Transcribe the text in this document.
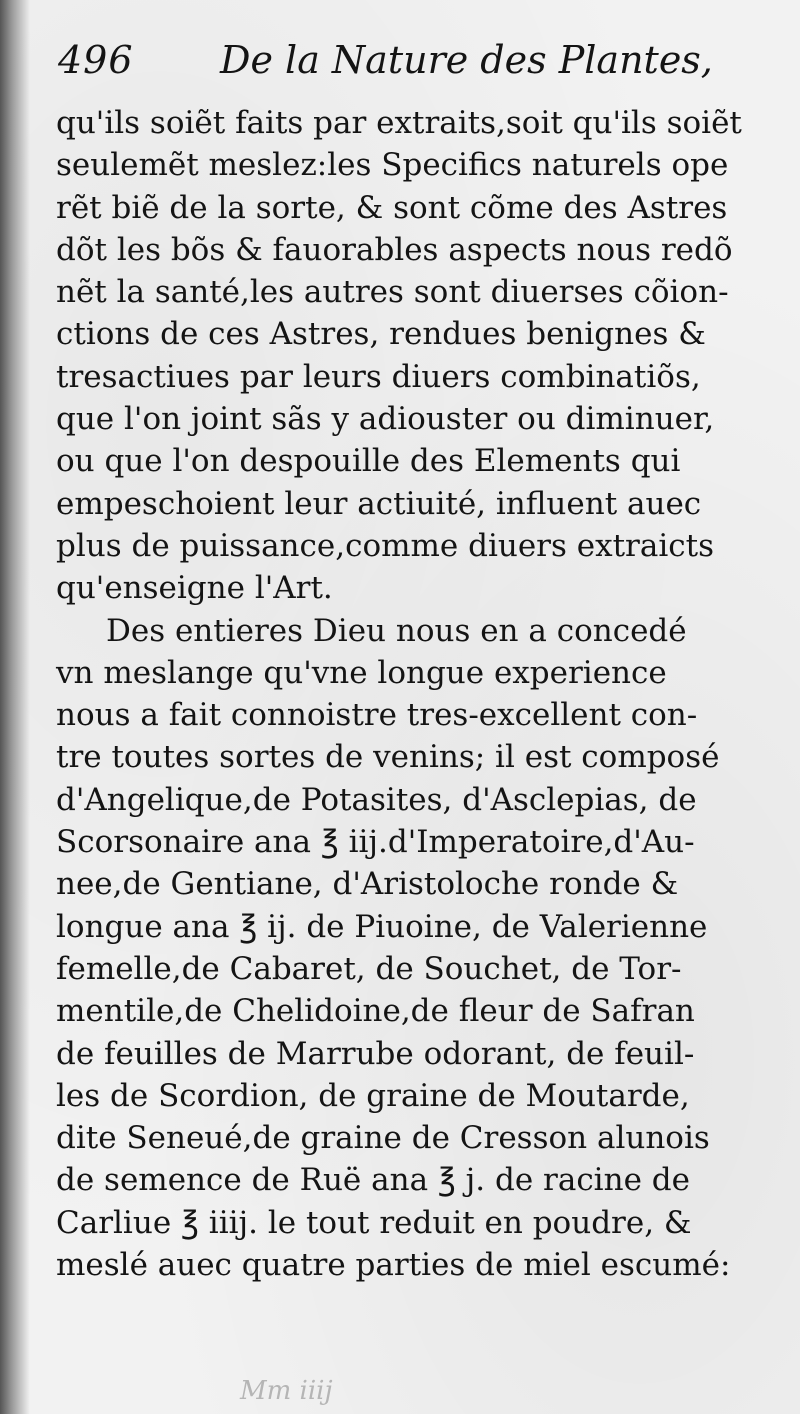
496 De la Nature des Plantes,
qu'ils soiẽt faits par extraits,soit qu'ils soiẽt
seulemẽt meslez:les Specifics naturels ope
rẽt biẽ de la sorte, & sont cõme des Astres
dõt les bõs & fauorables aspects nous redõ
nẽt la santé,les autres sont diuerses cõion-
ctions de ces Astres, rendues benignes &
tresactiues par leurs diuers combinatiõs,
que l'on joint sãs y adiouster ou diminuer,
ou que l'on despouille des Elements qui
empeschoient leur actiuité, influent auec
plus de puissance,comme diuers extraicts
qu'enseigne l'Art.
Des entieres Dieu nous en a concedé
vn meslange qu'vne longue experience
nous a fait connoistre tres-excellent con-
tre toutes sortes de venins; il est composé
d'Angelique,de Potasites, d'Asclepias, de
Scorsonaire ana ℥ iij.d'Imperatoire,d'Au-
nee,de Gentiane, d'Aristoloche ronde &
longue ana ℥ ij. de Piuoine, de Valerienne
femelle,de Cabaret, de Souchet, de Tor-
mentile,de Chelidoine,de fleur de Safran
de feuilles de Marrube odorant, de feuil-
les de Scordion, de graine de Moutarde,
dite Seneué,de graine de Cresson alunois
de semence de Ruë ana ℥ j. de racine de
Carliue ℥ iiij. le tout reduit en poudre, &
meslé auec quatre parties de miel escumé:
Mm iiij
